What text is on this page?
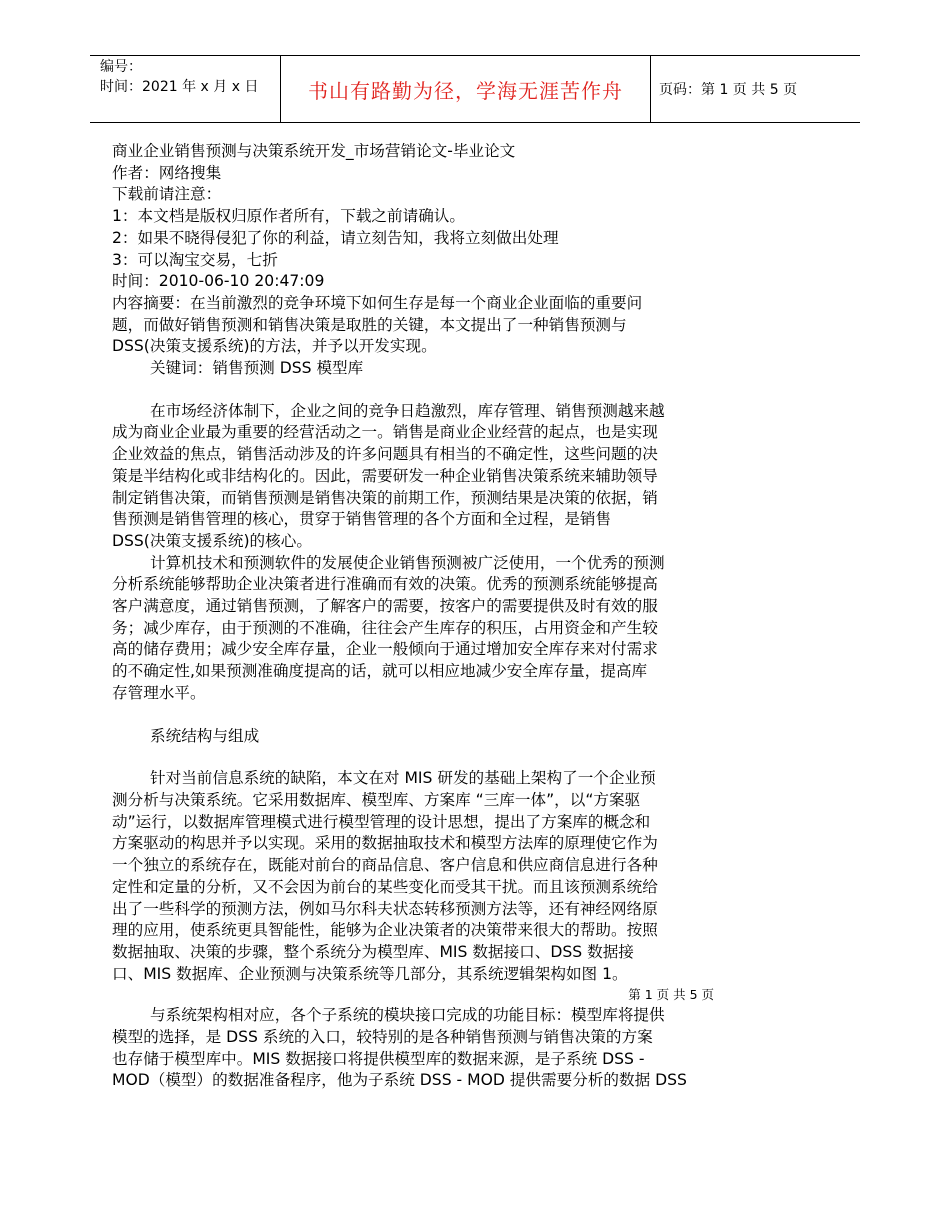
编号：
时间：2021 年 x 月 x 日	书山有路勤为径，学海无涯苦作舟	页码：第 1 页 共 5 页

商业企业销售预测与决策系统开发_市场营销论文-毕业论文

作者：网络搜集

下载前请注意：

1：本文档是版权归原作者所有，下载之前请确认。

2：如果不晓得侵犯了你的利益，请立刻告知，我将立刻做出处理

3：可以淘宝交易，七折

时间：2010-06-10 20:47:09

内容摘要：在当前激烈的竞争环境下如何生存是每一个商业企业面临的重要问

题，而做好销售预测和销售决策是取胜的关键，本文提出了一种销售预测与

DSS(决策支援系统)的方法，并予以开发实现。

关键词：销售预测 DSS 模型库

在市场经济体制下，企业之间的竞争日趋激烈，库存管理、销售预测越来越

成为商业企业最为重要的经营活动之一。销售是商业企业经营的起点，也是实现

企业效益的焦点，销售活动涉及的许多问题具有相当的不确定性，这些问题的决

策是半结构化或非结构化的。因此，需要研发一种企业销售决策系统来辅助领导

制定销售决策，而销售预测是销售决策的前期工作，预测结果是决策的依据，销

售预测是销售管理的核心，贯穿于销售管理的各个方面和全过程，是销售

DSS(决策支援系统)的核心。

计算机技术和预测软件的发展使企业销售预测被广泛使用，一个优秀的预测

分析系统能够帮助企业决策者进行准确而有效的决策。优秀的预测系统能够提高

客户满意度，通过销售预测，了解客户的需要，按客户的需要提供及时有效的服

务；减少库存，由于预测的不准确，往往会产生库存的积压，占用资金和产生较

高的储存费用；减少安全库存量，企业一般倾向于通过增加安全库存来对付需求

的不确定性,如果预测准确度提高的话，就可以相应地减少安全库存量，提高库

存管理水平。

系统结构与组成

针对当前信息系统的缺陷，本文在对 MIS 研发的基础上架构了一个企业预

测分析与决策系统。它采用数据库、模型库、方案库 “三库一体”，以“方案驱

动”运行，以数据库管理模式进行模型管理的设计思想，提出了方案库的概念和

方案驱动的构思并予以实现。采用的数据抽取技术和模型方法库的原理使它作为

一个独立的系统存在，既能对前台的商品信息、客户信息和供应商信息进行各种

定性和定量的分析，又不会因为前台的某些变化而受其干扰。而且该预测系统给

出了一些科学的预测方法，例如马尔科夫状态转移预测方法等，还有神经网络原

理的应用，使系统更具智能性，能够为企业决策者的决策带来很大的帮助。按照

数据抽取、决策的步骤，整个系统分为模型库、MIS 数据接口、DSS 数据接

口、MIS 数据库、企业预测与决策系统等几部分，其系统逻辑架构如图 1。

第 1 页 共 5 页

与系统架构相对应，各个子系统的模块接口完成的功能目标：模型库将提供

模型的选择，是 DSS 系统的入口，较特别的是各种销售预测与销售决策的方案

也存储于模型库中。MIS 数据接口将提供模型库的数据来源，是子系统 DSS -

MOD（模型）的数据准备程序，他为子系统 DSS - MOD 提供需要分析的数据 DSS
